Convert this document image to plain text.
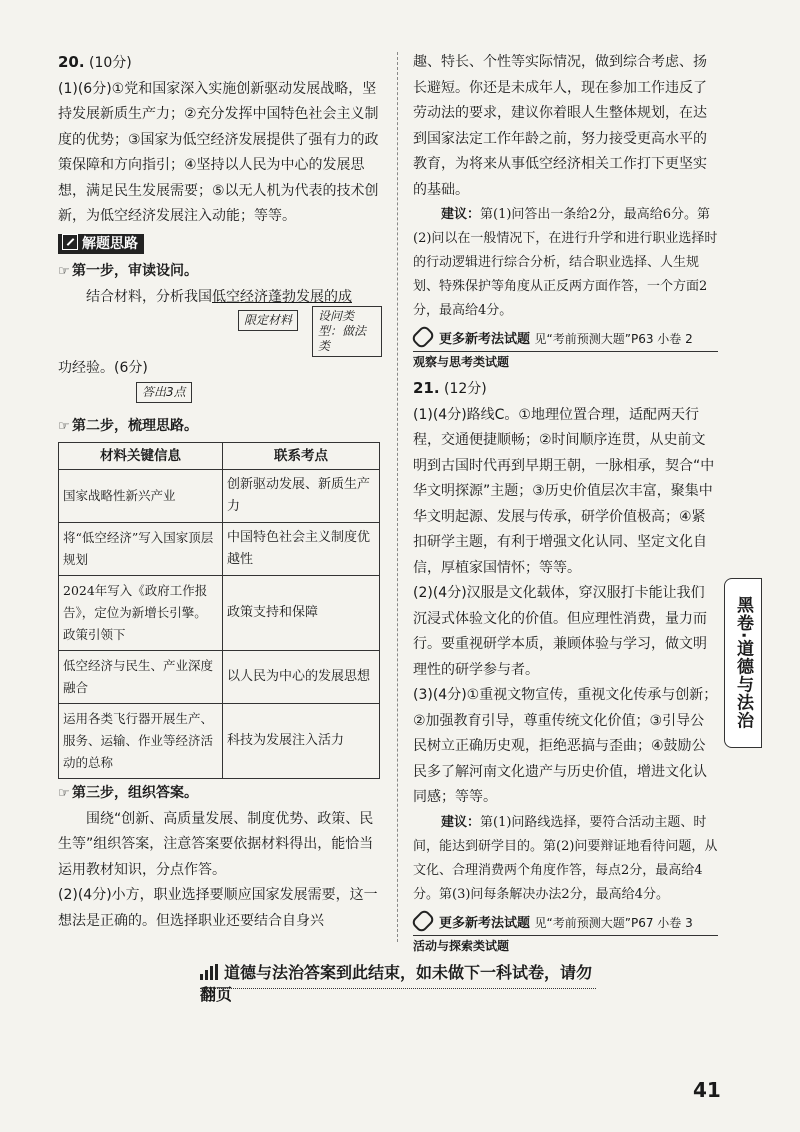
20. (10分)

(1)(6分)①党和国家深入实施创新驱动发展战略，坚持发展新质生产力；②充分发挥中国特色社会主义制度的优势；③国家为低空经济发展提供了强有力的政策保障和方向指引；④坚持以人民为中心的发展思想，满足民生发展需要；⑤以无人机为代表的技术创新，为低空经济发展注入动能；等等。

解题思路

☞ 第一步，审读设问。

结合材料，分析我国低空经济蓬勃发展的成

限定材料	设问类型：做法类

功经验。(6分)

答出3点

☞ 第二步，梳理思路。

材料关键信息	联系考点
国家战略性新兴产业	创新驱动发展、新质生产力
将“低空经济”写入国家顶层规划	中国特色社会主义制度优越性
2024年写入《政府工作报告》，定位为新增长引擎。政策引领下	政策支持和保障
低空经济与民生、产业深度融合	以人民为中心的发展思想
运用各类飞行器开展生产、服务、运输、作业等经济活动的总称	科技为发展注入活力

☞ 第三步，组织答案。

围绕“创新、高质量发展、制度优势、政策、民生等”组织答案，注意答案要依据材料得出，能恰当运用教材知识，分点作答。

(2)(4分)小方，职业选择要顺应国家发展需要，这一想法是正确的。但选择职业还要结合自身兴

趣、特长、个性等实际情况，做到综合考虑、扬长避短。你还是未成年人，现在参加工作违反了劳动法的要求，建议你着眼人生整体规划，在达到国家法定工作年龄之前，努力接受更高水平的教育，为将来从事低空经济相关工作打下更坚实的基础。

建议：第(1)问答出一条给2分，最高给6分。第(2)问以在一般情况下，在进行升学和进行职业选择时的行动逻辑进行综合分析，结合职业选择、人生规划、特殊保护等角度从正反两方面作答，一个方面2分，最高给4分。

更多新考法试题 见“考前预测大题”P63 小卷 2
观察与思考类试题

21. (12分)

(1)(4分)路线C。①地理位置合理，适配两天行程，交通便捷顺畅；②时间顺序连贯，从史前文明到古国时代再到早期王朝，一脉相承，契合“中华文明探源”主题；③历史价值层次丰富，聚集中华文明起源、发展与传承，研学价值极高；④紧扣研学主题，有利于增强文化认同、坚定文化自信，厚植家国情怀；等等。

(2)(4分)汉服是文化载体，穿汉服打卡能让我们沉浸式体验文化的价值。但应理性消费，量力而行。要重视研学本质，兼顾体验与学习，做文明理性的研学参与者。

(3)(4分)①重视文物宣传，重视文化传承与创新；②加强教育引导，尊重传统文化价值；③引导公民树立正确历史观，拒绝恶搞与歪曲；④鼓励公民多了解河南文化遗产与历史价值，增进文化认同感；等等。

建议：第(1)问路线选择，要符合活动主题、时间，能达到研学目的。第(2)问要辩证地看待问题，从文化、合理消费两个角度作答，每点2分，最高给4分。第(3)问每条解决办法2分，最高给4分。

更多新考法试题 见“考前预测大题”P67 小卷 3
活动与探索类试题
黑卷·道德与法治
道德与法治答案到此结束，如未做下一科试卷，请勿翻页
41
